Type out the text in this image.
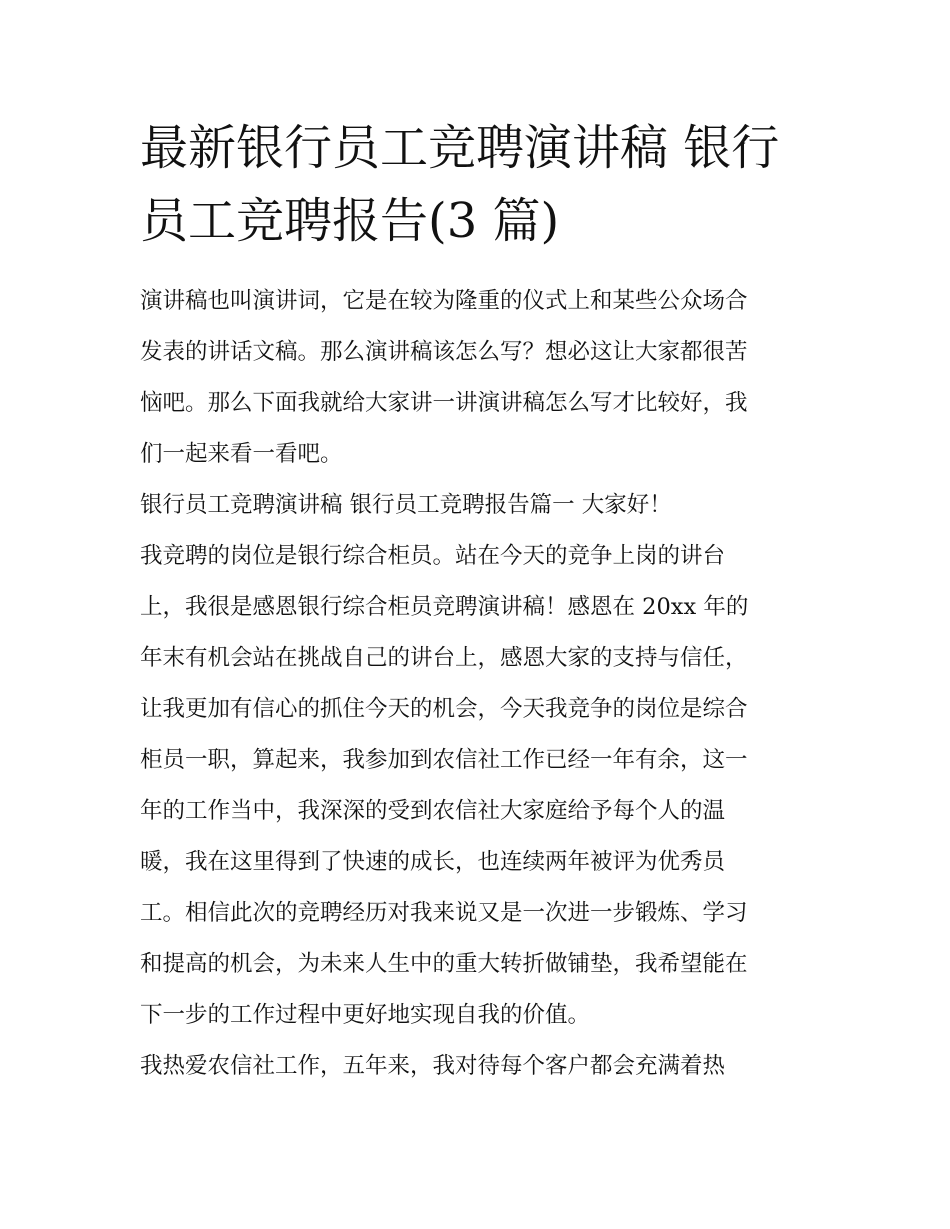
最新银行员工竞聘演讲稿 银行
员工竞聘报告(3 篇)
演讲稿也叫演讲词，它是在较为隆重的仪式上和某些公众场合
发表的讲话文稿。那么演讲稿该怎么写？想必这让大家都很苦
恼吧。那么下面我就给大家讲一讲演讲稿怎么写才比较好，我
们一起来看一看吧。
银行员工竞聘演讲稿 银行员工竞聘报告篇一 大家好！
我竞聘的岗位是银行综合柜员。站在今天的竞争上岗的讲台
上，我很是感恩银行综合柜员竞聘演讲稿！感恩在 20xx 年的
年末有机会站在挑战自己的讲台上，感恩大家的支持与信任，
让我更加有信心的抓住今天的机会，今天我竞争的岗位是综合
柜员一职，算起来，我参加到农信社工作已经一年有余，这一
年的工作当中，我深深的受到农信社大家庭给予每个人的温
暖，我在这里得到了快速的成长，也连续两年被评为优秀员
工。相信此次的竞聘经历对我来说又是一次进一步锻炼、学习
和提高的机会，为未来人生中的重大转折做铺垫，我希望能在
下一步的工作过程中更好地实现自我的价值。
我热爱农信社工作，五年来，我对待每个客户都会充满着热
